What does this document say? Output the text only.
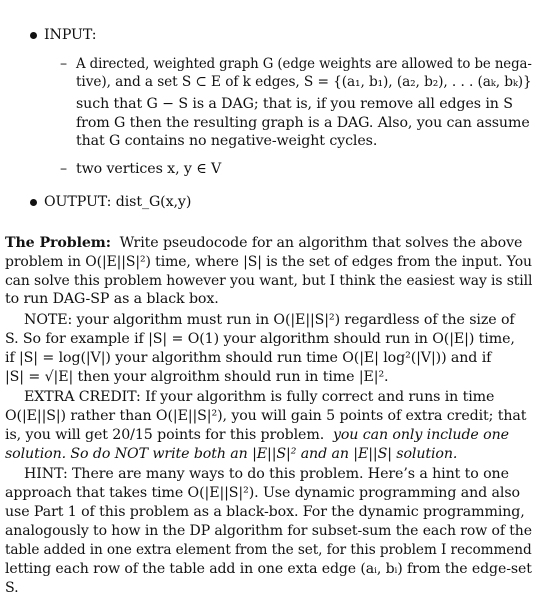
INPUT:
– A directed, weighted graph G (edge weights are allowed to be nega-
tive), and a set S ⊂ E of k edges, S = {(a₁, b₁), (a₂, b₂), . . . (aₖ, bₖ)}
such that G − S is a DAG; that is, if you remove all edges in S
from G then the resulting graph is a DAG. Also, you can assume
that G contains no negative-weight cycles.
– two vertices x, y ∈ V
OUTPUT: dist_G(x,y)
The Problem: Write pseudocode for an algorithm that solves the above
problem in O(|E||S|²) time, where |S| is the set of edges from the input. You
can solve this problem however you want, but I think the easiest way is still
to run DAG-SP as a black box.
NOTE: your algorithm must run in O(|E||S|²) regardless of the size of
S. So for example if |S| = O(1) your algorithm should run in O(|E|) time,
if |S| = log(|V|) your algorithm should run time O(|E| log²(|V|)) and if
|S| = √|E| then your algroithm should run in time |E|².
EXTRA CREDIT: If your algorithm is fully correct and runs in time
O(|E||S|) rather than O(|E||S|²), you will gain 5 points of extra credit; that
is, you will get 20/15 points for this problem. you can only include one
solution. So do NOT write both an |E||S|² and an |E||S| solution.
HINT: There are many ways to do this problem. Here’s a hint to one
approach that takes time O(|E||S|²). Use dynamic programming and also
use Part 1 of this problem as a black-box. For the dynamic programming,
analogously to how in the DP algorithm for subset-sum the each row of the
table added in one extra element from the set, for this problem I recommend
letting each row of the table add in one exta edge (aᵢ, bᵢ) from the edge-set
S.
